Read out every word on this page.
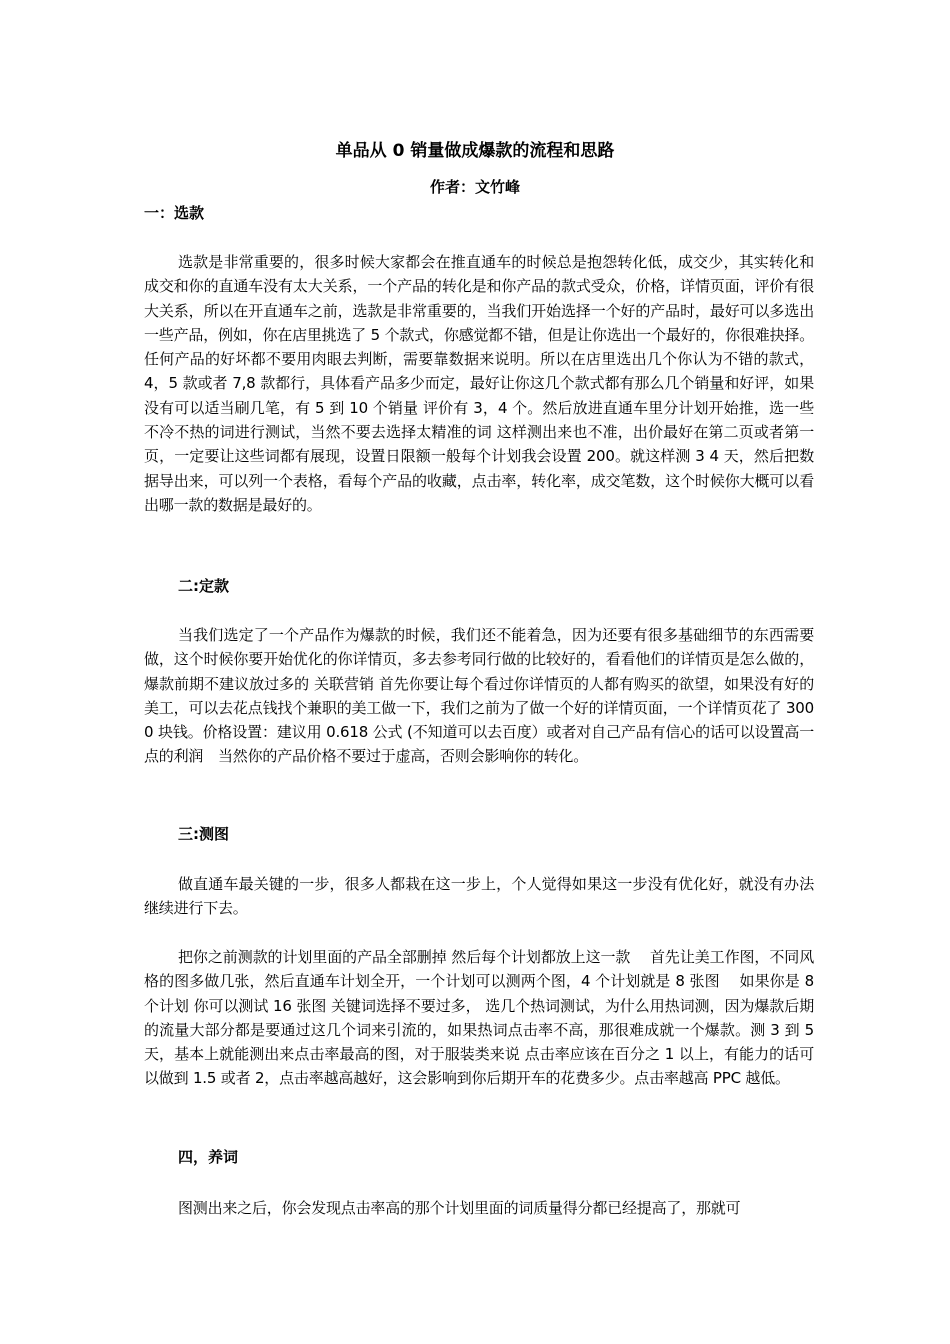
单品从 0 销量做成爆款的流程和思路
作者：文竹峰
一：选款
选款是非常重要的，很多时候大家都会在推直通车的时候总是抱怨转化低，成交少，其实转化和成交和你的直通车没有太大关系，一个产品的转化是和你产品的款式受众，价格，详情页面，评价有很大关系，所以在开直通车之前，选款是非常重要的，当我们开始选择一个好的产品时，最好可以多选出一些产品，例如，你在店里挑选了 5 个款式，你感觉都不错，但是让你选出一个最好的，你很难抉择。任何产品的好坏都不要用肉眼去判断，需要靠数据来说明。所以在店里选出几个你认为不错的款式，4，5 款或者 7,8 款都行，具体看产品多少而定，最好让你这几个款式都有那么几个销量和好评，如果没有可以适当刷几笔，有 5 到 10 个销量 评价有 3，4 个。然后放进直通车里分计划开始推，选一些不冷不热的词进行测试，当然不要去选择太精准的词 这样测出来也不准，出价最好在第二页或者第一页，一定要让这些词都有展现，设置日限额一般每个计划我会设置 200。就这样测 3 4 天，然后把数据导出来，可以列一个表格，看每个产品的收藏，点击率，转化率，成交笔数，这个时候你大概可以看出哪一款的数据是最好的。
二:定款
当我们选定了一个产品作为爆款的时候，我们还不能着急，因为还要有很多基础细节的东西需要做，这个时候你要开始优化的你详情页，多去参考同行做的比较好的，看看他们的详情页是怎么做的，爆款前期不建议放过多的 关联营销 首先你要让每个看过你详情页的人都有购买的欲望，如果没有好的美工，可以去花点钱找个兼职的美工做一下，我们之前为了做一个好的详情页面，一个详情页花了 3000 块钱。价格设置：建议用 0.618 公式 (不知道可以去百度）或者对自己产品有信心的话可以设置高一点的利润　当然你的产品价格不要过于虚高，否则会影响你的转化。
三:测图
做直通车最关键的一步，很多人都栽在这一步上，个人觉得如果这一步没有优化好，就没有办法继续进行下去。
把你之前测款的计划里面的产品全部删掉 然后每个计划都放上这一款　 首先让美工作图，不同风格的图多做几张，然后直通车计划全开，一个计划可以测两个图，4 个计划就是 8 张图　 如果你是 8 个计划 你可以测试 16 张图 关键词选择不要过多， 选几个热词测试，为什么用热词测，因为爆款后期的流量大部分都是要通过这几个词来引流的，如果热词点击率不高，那很难成就一个爆款。测 3 到 5 天，基本上就能测出来点击率最高的图，对于服装类来说 点击率应该在百分之 1 以上，有能力的话可以做到 1.5 或者 2，点击率越高越好，这会影响到你后期开车的花费多少。点击率越高 PPC 越低。
四，养词
图测出来之后，你会发现点击率高的那个计划里面的词质量得分都已经提高了，那就可
